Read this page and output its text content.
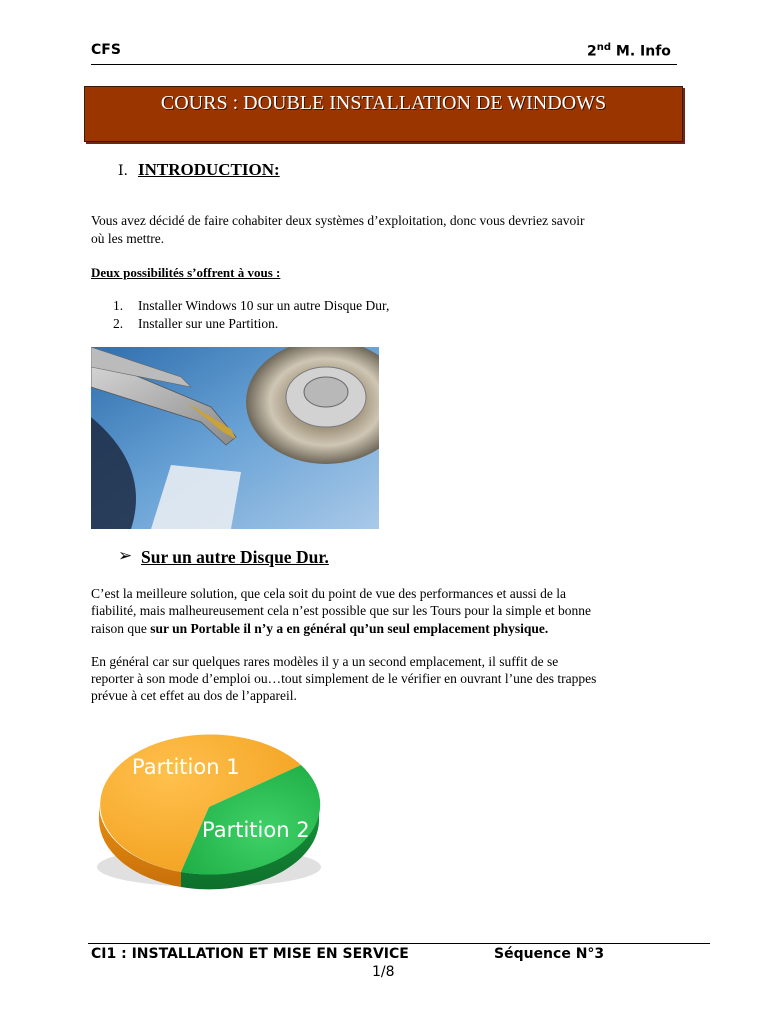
CFS	2nd M. Info
COURS : DOUBLE INSTALLATION DE WINDOWS
I. INTRODUCTION:
Vous avez décidé de faire cohabiter deux systèmes d’exploitation, donc vous devriez savoir
où les mettre.
Deux possibilités s’offrent à vous :
1. Installer Windows 10 sur un autre Disque Dur,
2. Installer sur une Partition.
➢ Sur un autre Disque Dur.
C’est la meilleure solution, que cela soit du point de vue des performances et aussi de la
fiabilité, mais malheureusement cela n’est possible que sur les Tours pour la simple et bonne
raison que sur un Portable il n’y a en général qu’un seul emplacement physique.
En général car sur quelques rares modèles il y a un second emplacement, il suffit de se
reporter à son mode d’emploi ou…tout simplement de le vérifier en ouvrant l’une des trappes
prévue à cet effet au dos de l’appareil.
Partition 1
Partition 2
CI1 : INSTALLATION ET MISE EN SERVICE	Séquence N°3
1/8
